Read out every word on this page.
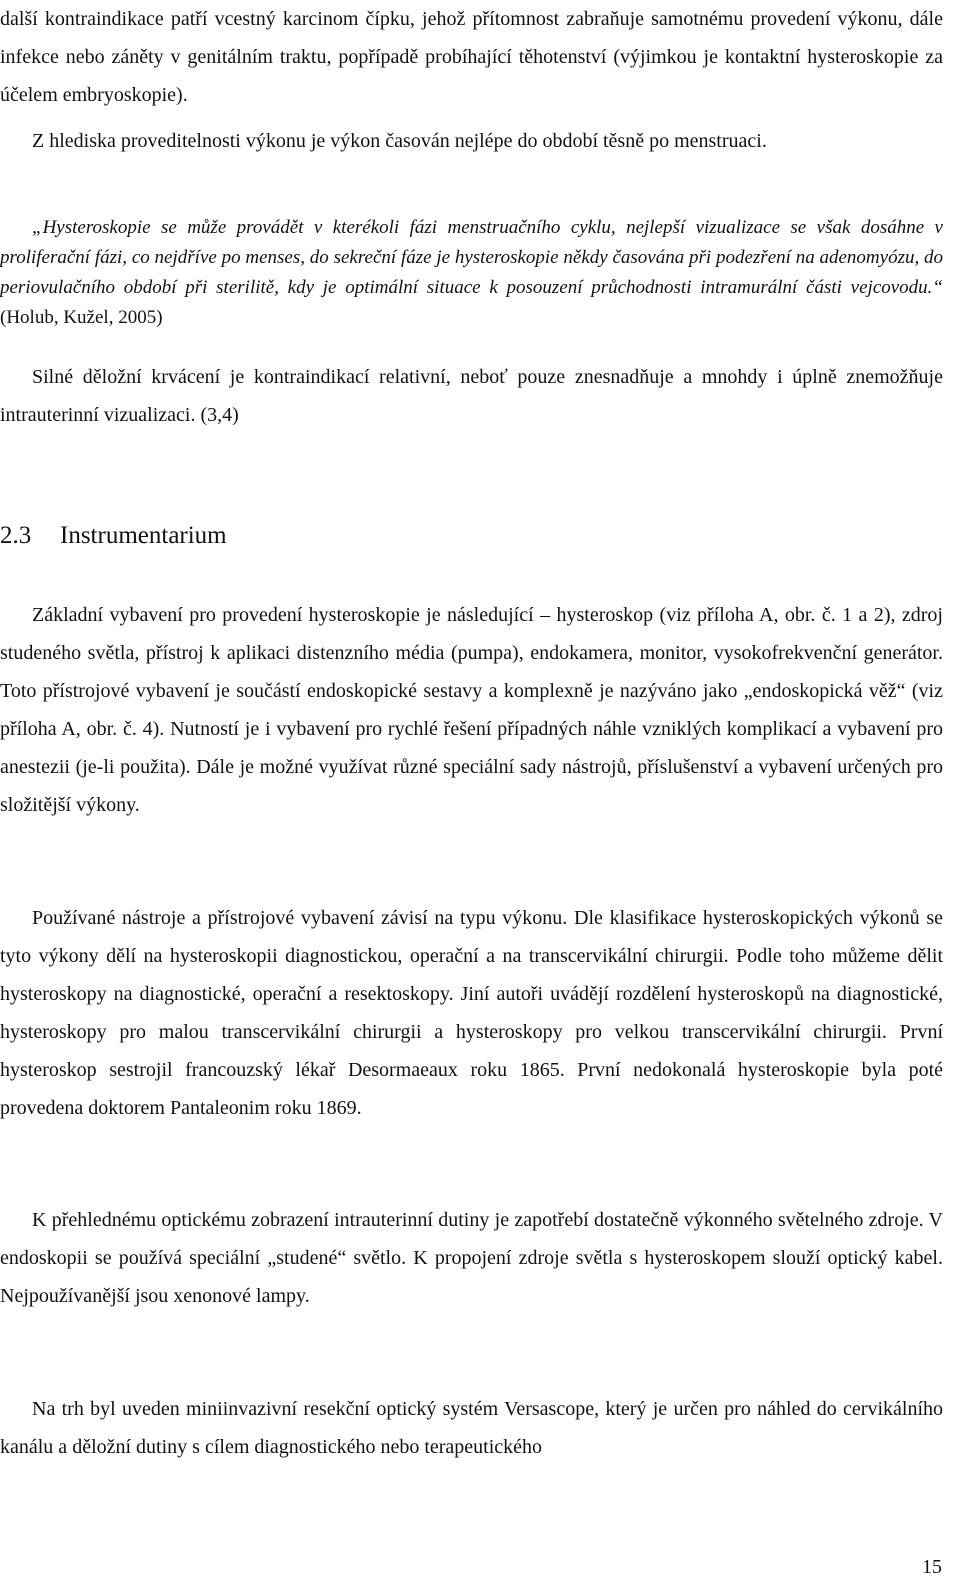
další kontraindikace patří vcestný karcinom čípku, jehož přítomnost zabraňuje samotnému provedení výkonu, dále infekce nebo záněty v genitálním traktu, popřípadě probíhající těhotenství (výjimkou je kontaktní hysteroskopie za účelem embryoskopie).

Z hlediska proveditelnosti výkonu je výkon časován nejlépe do období těsně po menstruaci.

„Hysteroskopie se může provádět v kterékoli fázi menstruačního cyklu, nejlepší vizualizace se však dosáhne v proliferační fázi, co nejdříve po menses, do sekreční fáze je hysteroskopie někdy časována při podezření na adenomyózu, do periovulačního období při sterilitě, kdy je optimální situace k posouzení průchodnosti intramurální části vejcovodu.“ (Holub, Kužel, 2005)

Silné děložní krvácení je kontraindikací relativní, neboť pouze znesnadňuje a mnohdy i úplně znemožňuje intrauterinní vizualizaci. (3,4)

2.3 Instrumentarium

Základní vybavení pro provedení hysteroskopie je následující – hysteroskop (viz příloha A, obr. č. 1 a 2), zdroj studeného světla, přístroj k aplikaci distenzního média (pumpa), endokamera, monitor, vysokofrekvenční generátor. Toto přístrojové vybavení je součástí endoskopické sestavy a komplexně je nazýváno jako „endoskopická věž“ (viz příloha A, obr. č. 4). Nutností je i vybavení pro rychlé řešení případných náhle vzniklých komplikací a vybavení pro anestezii (je-li použita). Dále je možné využívat různé speciální sady nástrojů, příslušenství a vybavení určených pro složitější výkony.

Používané nástroje a přístrojové vybavení závisí na typu výkonu. Dle klasifikace hysteroskopických výkonů se tyto výkony dělí na hysteroskopii diagnostickou, operační a na transcervikální chirurgii. Podle toho můžeme dělit hysteroskopy na diagnostické, operační a resektoskopy. Jiní autoři uvádějí rozdělení hysteroskopů na diagnostické, hysteroskopy pro malou transcervikální chirurgii a hysteroskopy pro velkou transcervikální chirurgii. První hysteroskop sestrojil francouzský lékař Desormaeaux roku 1865. První nedokonalá hysteroskopie byla poté provedena doktorem Pantaleonim roku 1869.

K přehlednému optickému zobrazení intrauterinní dutiny je zapotřebí dostatečně výkonného světelného zdroje. V endoskopii se používá speciální „studené“ světlo. K propojení zdroje světla s hysteroskopem slouží optický kabel. Nejpoužívanější jsou xenonové lampy.

Na trh byl uveden miniinvazivní resekční optický systém Versascope, který je určen pro náhled do cervikálního kanálu a děložní dutiny s cílem diagnostického nebo terapeutického

15
